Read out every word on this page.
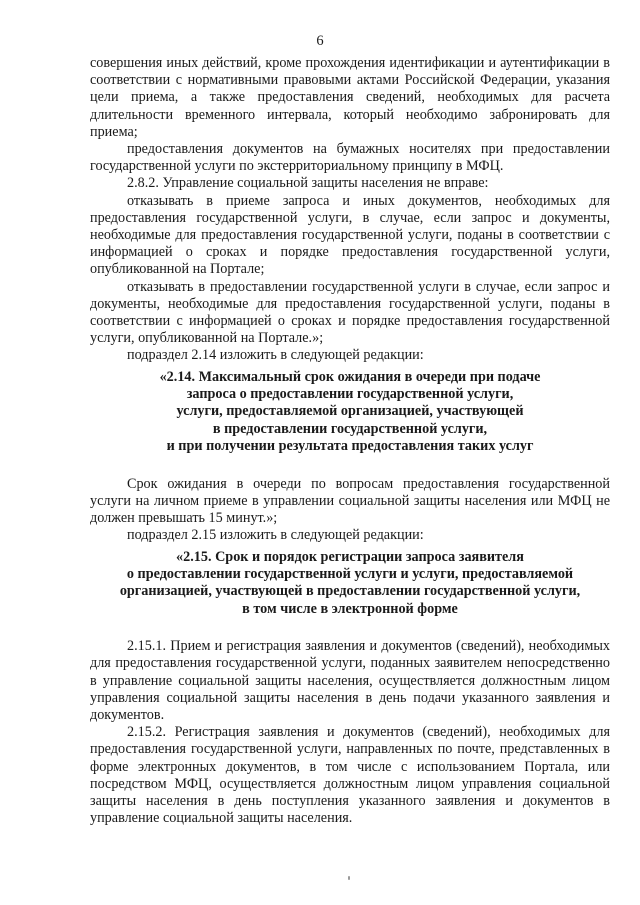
6

совершения иных действий, кроме прохождения идентификации и аутентификации в соответствии с нормативными правовыми актами Российской Федерации, указания цели приема, а также предоставления сведений, необходимых для расчета длительности временного интервала, который необходимо забронировать для приема;

предоставления документов на бумажных носителях при предоставлении государственной услуги по экстерриториальному принципу в МФЦ.

2.8.2. Управление социальной защиты населения не вправе:

отказывать в приеме запроса и иных документов, необходимых для предоставления государственной услуги, в случае, если запрос и документы, необходимые для предоставления государственной услуги, поданы в соответствии с информацией о сроках и порядке предоставления государственной услуги, опубликованной на Портале;

отказывать в предоставлении государственной услуги в случае, если запрос и документы, необходимые для предоставления государственной услуги, поданы в соответствии с информацией о сроках и порядке предоставления государственной услуги, опубликованной на Портале.»;

подраздел 2.14 изложить в следующей редакции:

«2.14. Максимальный срок ожидания в очереди при подаче

запроса о предоставлении государственной услуги,

услуги, предоставляемой организацией, участвующей

в предоставлении государственной услуги,

и при получении результата предоставления таких услуг

Срок ожидания в очереди по вопросам предоставления государственной услуги на личном приеме в управлении социальной защиты населения или МФЦ не должен превышать 15 минут.»;

подраздел 2.15 изложить в следующей редакции:

«2.15. Срок и порядок регистрации запроса заявителя

о предоставлении государственной услуги и услуги, предоставляемой

организацией, участвующей в предоставлении государственной услуги,

в том числе в электронной форме

2.15.1. Прием и регистрация заявления и документов (сведений), необходимых для предоставления государственной услуги, поданных заявителем непосредственно в управление социальной защиты населения, осуществляется должностным лицом управления социальной защиты населения в день подачи указанного заявления и документов.

2.15.2. Регистрация заявления и документов (сведений), необходимых для предоставления государственной услуги, направленных по почте, представленных в форме электронных документов, в том числе с использованием Портала, или посредством МФЦ, осуществляется должностным лицом управления социальной защиты населения в день поступления указанного заявления и документов в управление социальной защиты населения.
